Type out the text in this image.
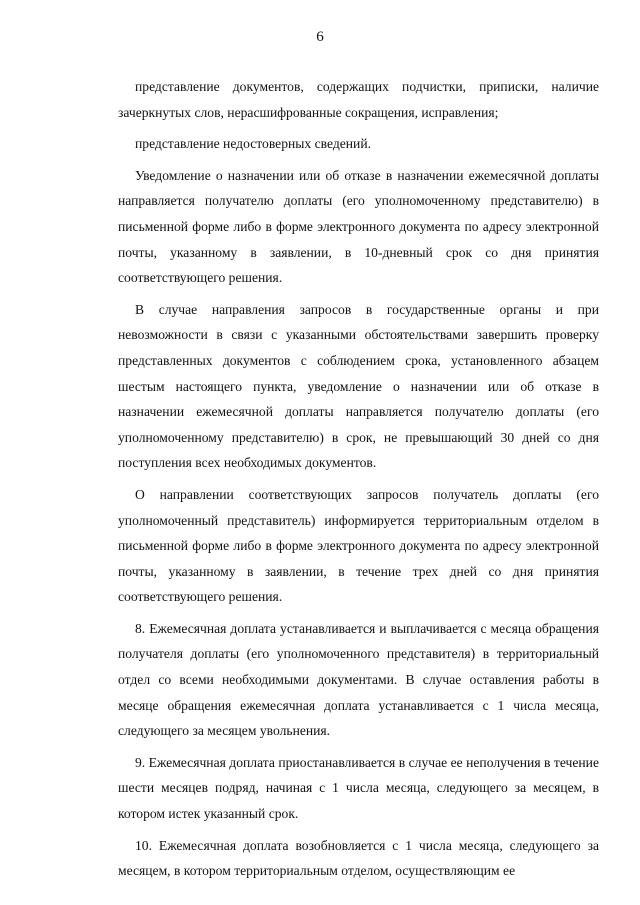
6

представление документов, содержащих подчистки, приписки, наличие зачеркнутых слов, нерасшифрованные сокращения, исправления;

представление недостоверных сведений.

Уведомление о назначении или об отказе в назначении ежемесячной доплаты направляется получателю доплаты (его уполномоченному представителю) в письменной форме либо в форме электронного документа по адресу электронной почты, указанному в заявлении, в 10-дневный срок со дня принятия соответствующего решения.

В случае направления запросов в государственные органы и при невозможности в связи с указанными обстоятельствами завершить проверку представленных документов с соблюдением срока, установленного абзацем шестым настоящего пункта, уведомление о назначении или об отказе в назначении ежемесячной доплаты направляется получателю доплаты (его уполномоченному представителю) в срок, не превышающий 30 дней со дня поступления всех необходимых документов.

О направлении соответствующих запросов получатель доплаты (его уполномоченный представитель) информируется территориальным отделом в письменной форме либо в форме электронного документа по адресу электронной почты, указанному в заявлении, в течение трех дней со дня принятия соответствующего решения.

8. Ежемесячная доплата устанавливается и выплачивается с месяца обращения получателя доплаты (его уполномоченного представителя) в территориальный отдел со всеми необходимыми документами. В случае оставления работы в месяце обращения ежемесячная доплата устанавливается с 1 числа месяца, следующего за месяцем увольнения.

9. Ежемесячная доплата приостанавливается в случае ее неполучения в течение шести месяцев подряд, начиная с 1 числа месяца, следующего за месяцем, в котором истек указанный срок.

10. Ежемесячная доплата возобновляется с 1 числа месяца, следующего за месяцем, в котором территориальным отделом, осуществляющим ее
